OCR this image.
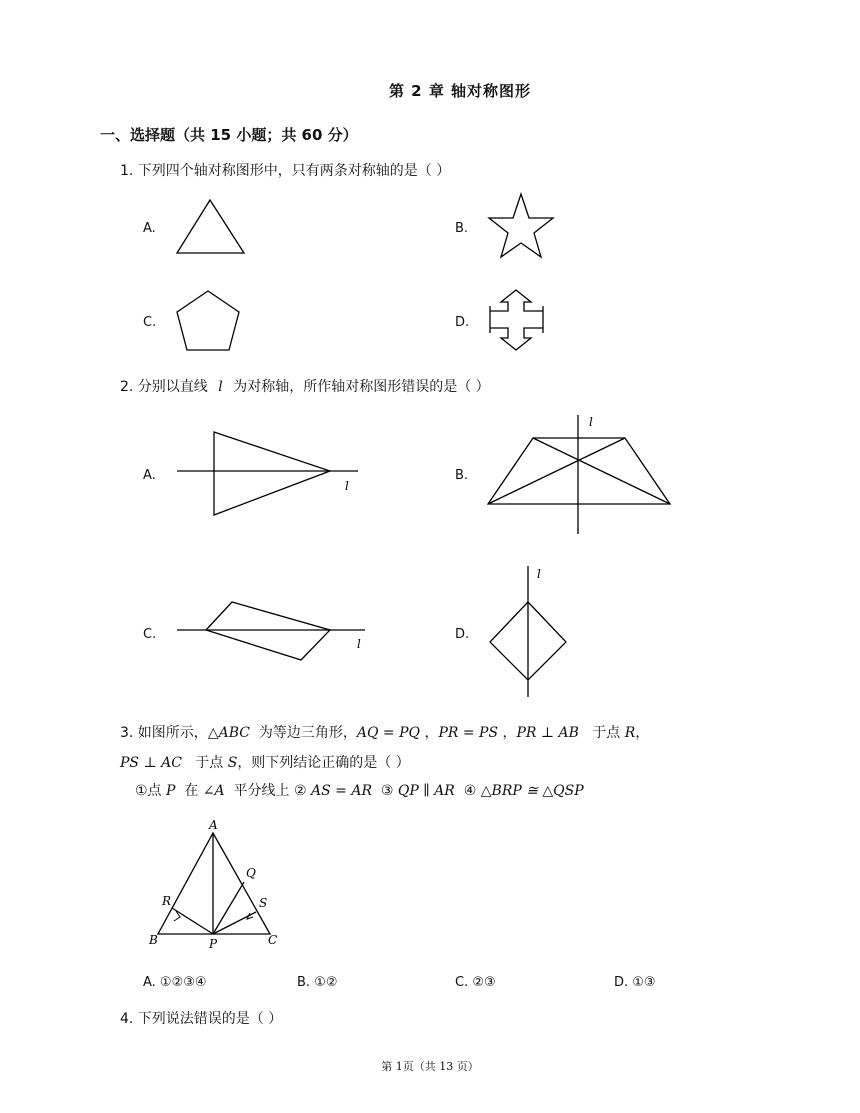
第 2 章 轴对称图形
一、选择题（共 15 小题；共 60 分）
1. 下列四个轴对称图形中，只有两条对称轴的是（ ）
A.	B.
C.	D.
2. 分别以直线 l 为对称轴，所作轴对称图形错误的是（ ）
A.	B.
C.	D.
l
l
l
l
3. 如图所示，△ABC 为等边三角形，AQ = PQ ，PR = PS ，PR ⊥ AB 于点 R，
PS ⊥ AC 于点 S，则下列结论正确的是（ ）
①点 P 在 ∠A 平分线上 ② AS = AR ③ QP ∥ AR ④ △BRP ≅ △QSP
A
B	C
P
Q
R	S
A. ①②③④	B. ①②	C. ②③	D. ①③
4. 下列说法错误的是（ ）
第 1页（共 13 页）
